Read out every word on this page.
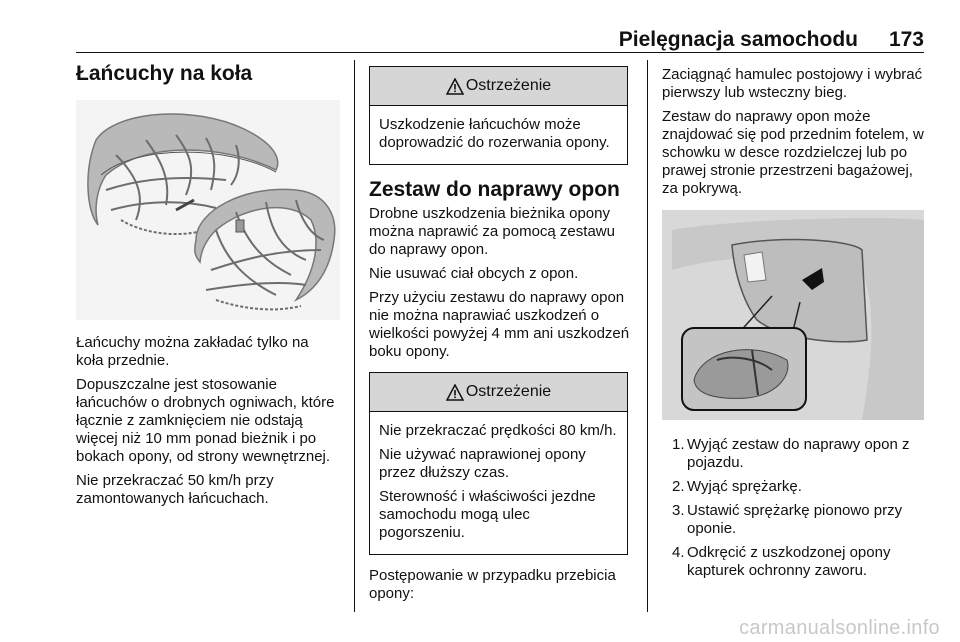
Pielęgnacja samochodu 173
Łańcuchy na koła

Łańcuchy można zakładać tylko na koła przednie.

Dopuszczalne jest stosowanie łańcuchów o drobnych ogniwach, które łącznie z zamknięciem nie odstają więcej niż 10 mm ponad bieżnik i po bokach opony, od strony wewnętrznej.

Nie przekraczać 50 km/h przy zamontowanych łańcuchach.

Ostrzeżenie

Uszkodzenie łańcuchów może doprowadzić do rozerwania opony.

Zestaw do naprawy opon

Drobne uszkodzenia bieżnika opony można naprawić za pomocą zestawu do naprawy opon.

Nie usuwać ciał obcych z opon.

Przy użyciu zestawu do naprawy opon nie można naprawiać uszkodzeń o wielkości powyżej 4 mm ani uszkodzeń boku opony.

Ostrzeżenie

Nie przekraczać prędkości 80 km/h.

Nie używać naprawionej opony przez dłuższy czas.

Sterowność i właściwości jezdne samochodu mogą ulec pogorszeniu.

Postępowanie w przypadku przebicia opony:

Zaciągnąć hamulec postojowy i wybrać pierwszy lub wsteczny bieg.

Zestaw do naprawy opon może znajdować się pod przednim fotelem, w schowku w desce rozdzielczej lub po prawej stronie przestrzeni bagażowej, za pokrywą.

1. Wyjąć zestaw do naprawy opon z pojazdu.
2. Wyjąć sprężarkę.
3. Ustawić sprężarkę pionowo przy oponie.
4. Odkręcić z uszkodzonej opony kapturek ochronny zaworu.
carmanualsonline.info
